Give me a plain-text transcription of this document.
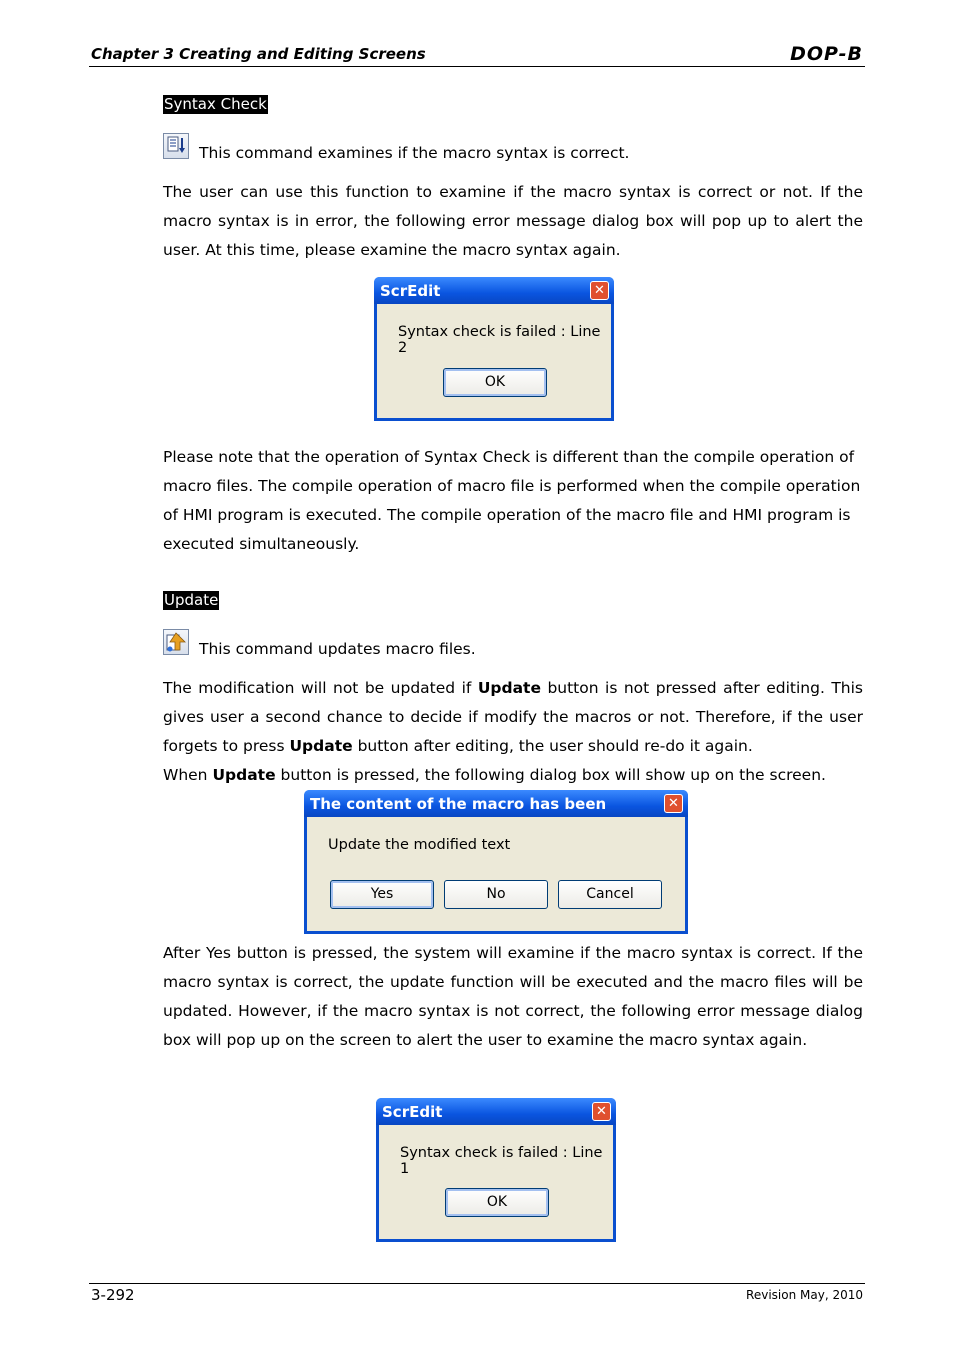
Chapter 3 Creating and Editing Screens	DOP-B
Syntax Check
This command examines if the macro syntax is correct.
The user can use this function to examine if the macro syntax is correct or not. If the macro syntax is in error, the following error message dialog box will pop up to alert the user. At this time, please examine the macro syntax again.
ScrEdit	✕
Syntax check is failed : Line 2
OK
Please note that the operation of Syntax Check is different than the compile operation of macro files. The compile operation of macro file is performed when the compile operation of HMI program is executed. The compile operation of the macro file and HMI program is executed simultaneously.
Update
This command updates macro files.
The modification will not be updated if Update button is not pressed after editing. This gives user a second chance to decide if modify the macros or not. Therefore, if the user forgets to press Update button after editing, the user should re-do it again.
When Update button is pressed, the following dialog box will show up on the screen.
The content of the macro has been	✕
Update the modified text
Yes	No	Cancel
After Yes button is pressed, the system will examine if the macro syntax is correct. If the macro syntax is correct, the update function will be executed and the macro files will be updated. However, if the macro syntax is not correct, the following error message dialog box will pop up on the screen to alert the user to examine the macro syntax again.
ScrEdit	✕
Syntax check is failed : Line 1
OK
3-292	Revision May, 2010
